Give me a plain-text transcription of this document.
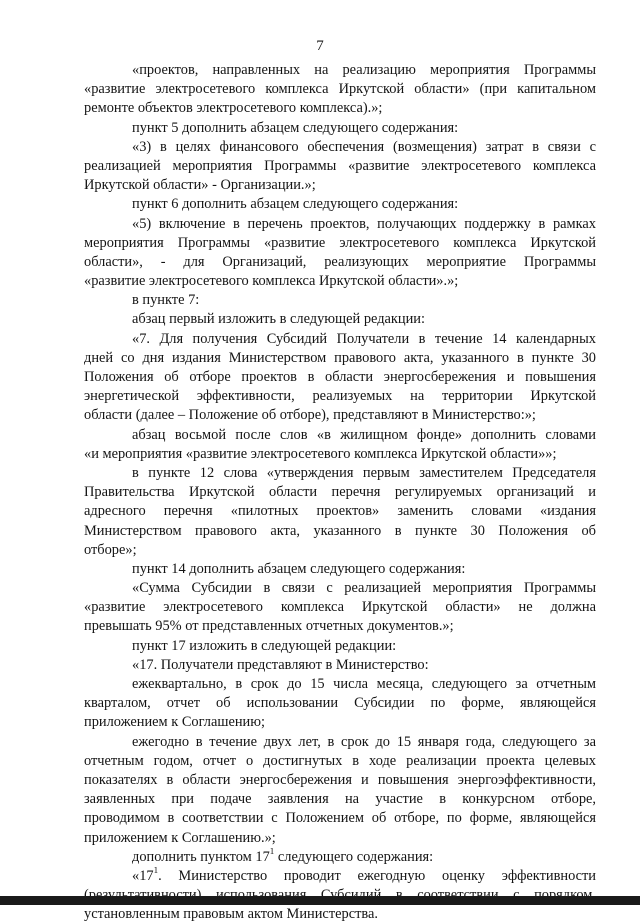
7
«проектов, направленных на реализацию мероприятия Программы
«развитие электросетевого комплекса Иркутской области» (при капитальном
ремонте объектов электросетевого комплекса).»;
пункт 5 дополнить абзацем следующего содержания:
«3) в целях финансового обеспечения (возмещения) затрат в связи с
реализацией мероприятия Программы «развитие электросетевого комплекса
Иркутской области» - Организации.»;
пункт 6 дополнить абзацем следующего содержания:
«5) включение в перечень проектов, получающих поддержку в рамках
мероприятия Программы «развитие электросетевого комплекса Иркутской
области», - для Организаций, реализующих мероприятие Программы
«развитие электросетевого комплекса Иркутской области».»;
в пункте 7:
абзац первый изложить в следующей редакции:
«7. Для получения Субсидий Получатели в течение 14 календарных
дней со дня издания Министерством правового акта, указанного в пункте 30
Положения об отборе проектов в области энергосбережения и повышения
энергетической эффективности, реализуемых на территории Иркутской
области (далее – Положение об отборе), представляют в Министерство:»;
абзац восьмой после слов «в жилищном фонде» дополнить словами
«и мероприятия «развитие электросетевого комплекса Иркутской области»»;
в пункте 12 слова «утверждения первым заместителем Председателя
Правительства Иркутской области перечня регулируемых организаций и
адресного перечня «пилотных проектов» заменить словами «издания
Министерством правового акта, указанного в пункте 30 Положения об
отборе»;
пункт 14 дополнить абзацем следующего содержания:
«Сумма Субсидии в связи с реализацией мероприятия Программы
«развитие электросетевого комплекса Иркутской области» не должна
превышать 95% от представленных отчетных документов.»;
пункт 17 изложить в следующей редакции:
«17. Получатели представляют в Министерство:
ежеквартально, в срок до 15 числа месяца, следующего за отчетным
кварталом, отчет об использовании Субсидии по форме, являющейся
приложением к Соглашению;
ежегодно в течение двух лет, в срок до 15 января года, следующего за
отчетным годом, отчет о достигнутых в ходе реализации проекта целевых
показателях в области энергосбережения и повышения энергоэффективности,
заявленных при подаче заявления на участие в конкурсном отборе,
проводимом в соответствии с Положением об отборе, по форме, являющейся
приложением к Соглашению.»;
дополнить пунктом $17^1$ следующего содержания:
«$17^1$. Министерство проводит ежегодную оценку эффективности
установленным правовым актом Министерства.
